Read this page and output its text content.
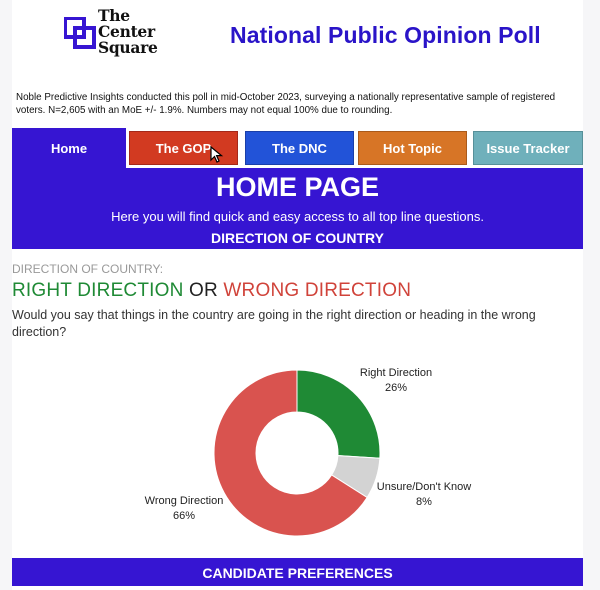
The
Center
Square	National Public Opinion Poll
Noble Predictive Insights conducted this poll in mid-October 2023, surveying a nationally representative sample of registered voters. N=2,605 with an MoE +/- 1.9%. Numbers may not equal 100% due to rounding.
Home	The GOP	The DNC	Hot Topic	Issue Tracker
HOME PAGE
Here you will find quick and easy access to all top line questions.
DIRECTION OF COUNTRY
DIRECTION OF COUNTRY:
RIGHT DIRECTION OR WRONG DIRECTION
Would you say that things in the country are going in the right direction or heading in the wrong direction?
Right Direction
26%
Unsure/Don't Know
8%
Wrong Direction
66%
CANDIDATE PREFERENCES
